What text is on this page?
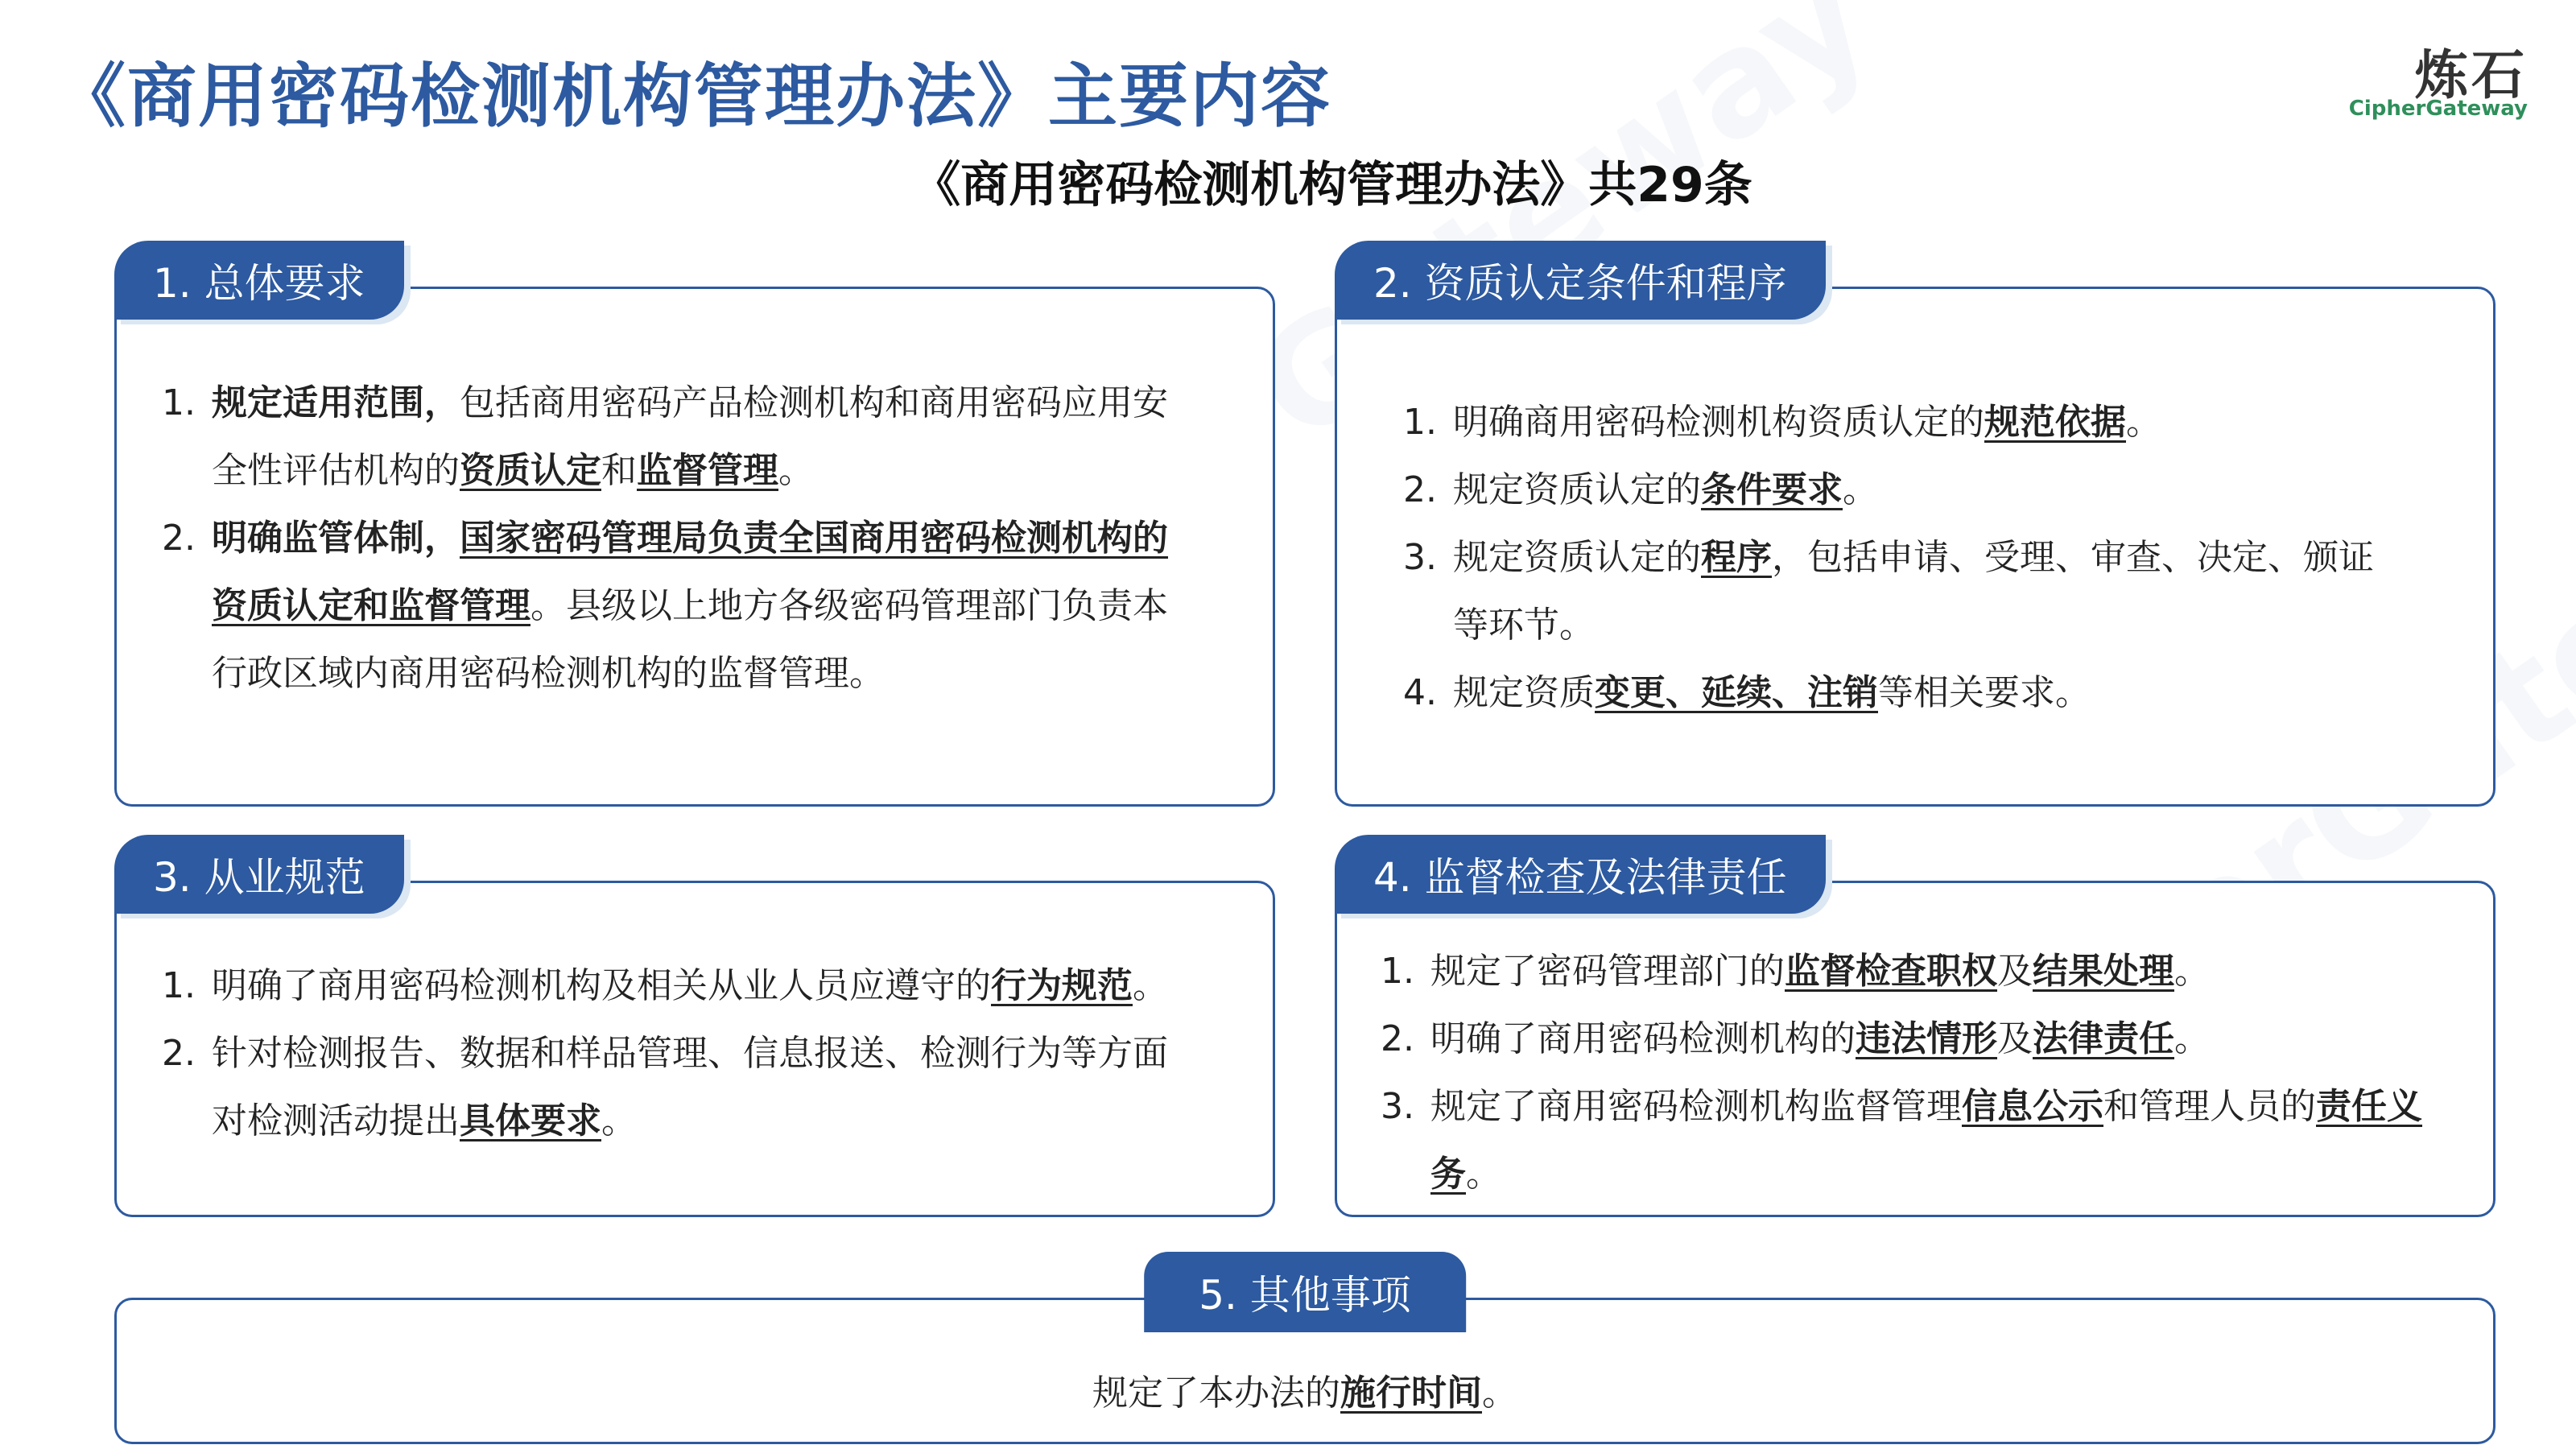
《商用密码检测机构管理办法》主要内容	炼石
CipherGateway
《商用密码检测机构管理办法》共29条
1. 总体要求
1. 规定适用范围，包括商用密码产品检测机构和商用密码应用安全性评估机构的资质认定和监督管理。
2. 明确监管体制，国家密码管理局负责全国商用密码检测机构的资质认定和监督管理。县级以上地方各级密码管理部门负责本行政区域内商用密码检测机构的监督管理。
2. 资质认定条件和程序
1. 明确商用密码检测机构资质认定的规范依据。
2. 规定资质认定的条件要求。
3. 规定资质认定的程序，包括申请、受理、审查、决定、颁证等环节。
4. 规定资质变更、延续、注销等相关要求。
3. 从业规范
1. 明确了商用密码检测机构及相关从业人员应遵守的行为规范。
2. 针对检测报告、数据和样品管理、信息报送、检测行为等方面对检测活动提出具体要求。
4. 监督检查及法律责任
1. 规定了密码管理部门的监督检查职权及结果处理。
2. 明确了商用密码检测机构的违法情形及法律责任。
3. 规定了商用密码检测机构监督管理信息公示和管理人员的责任义务。
5. 其他事项
规定了本办法的施行时间。
